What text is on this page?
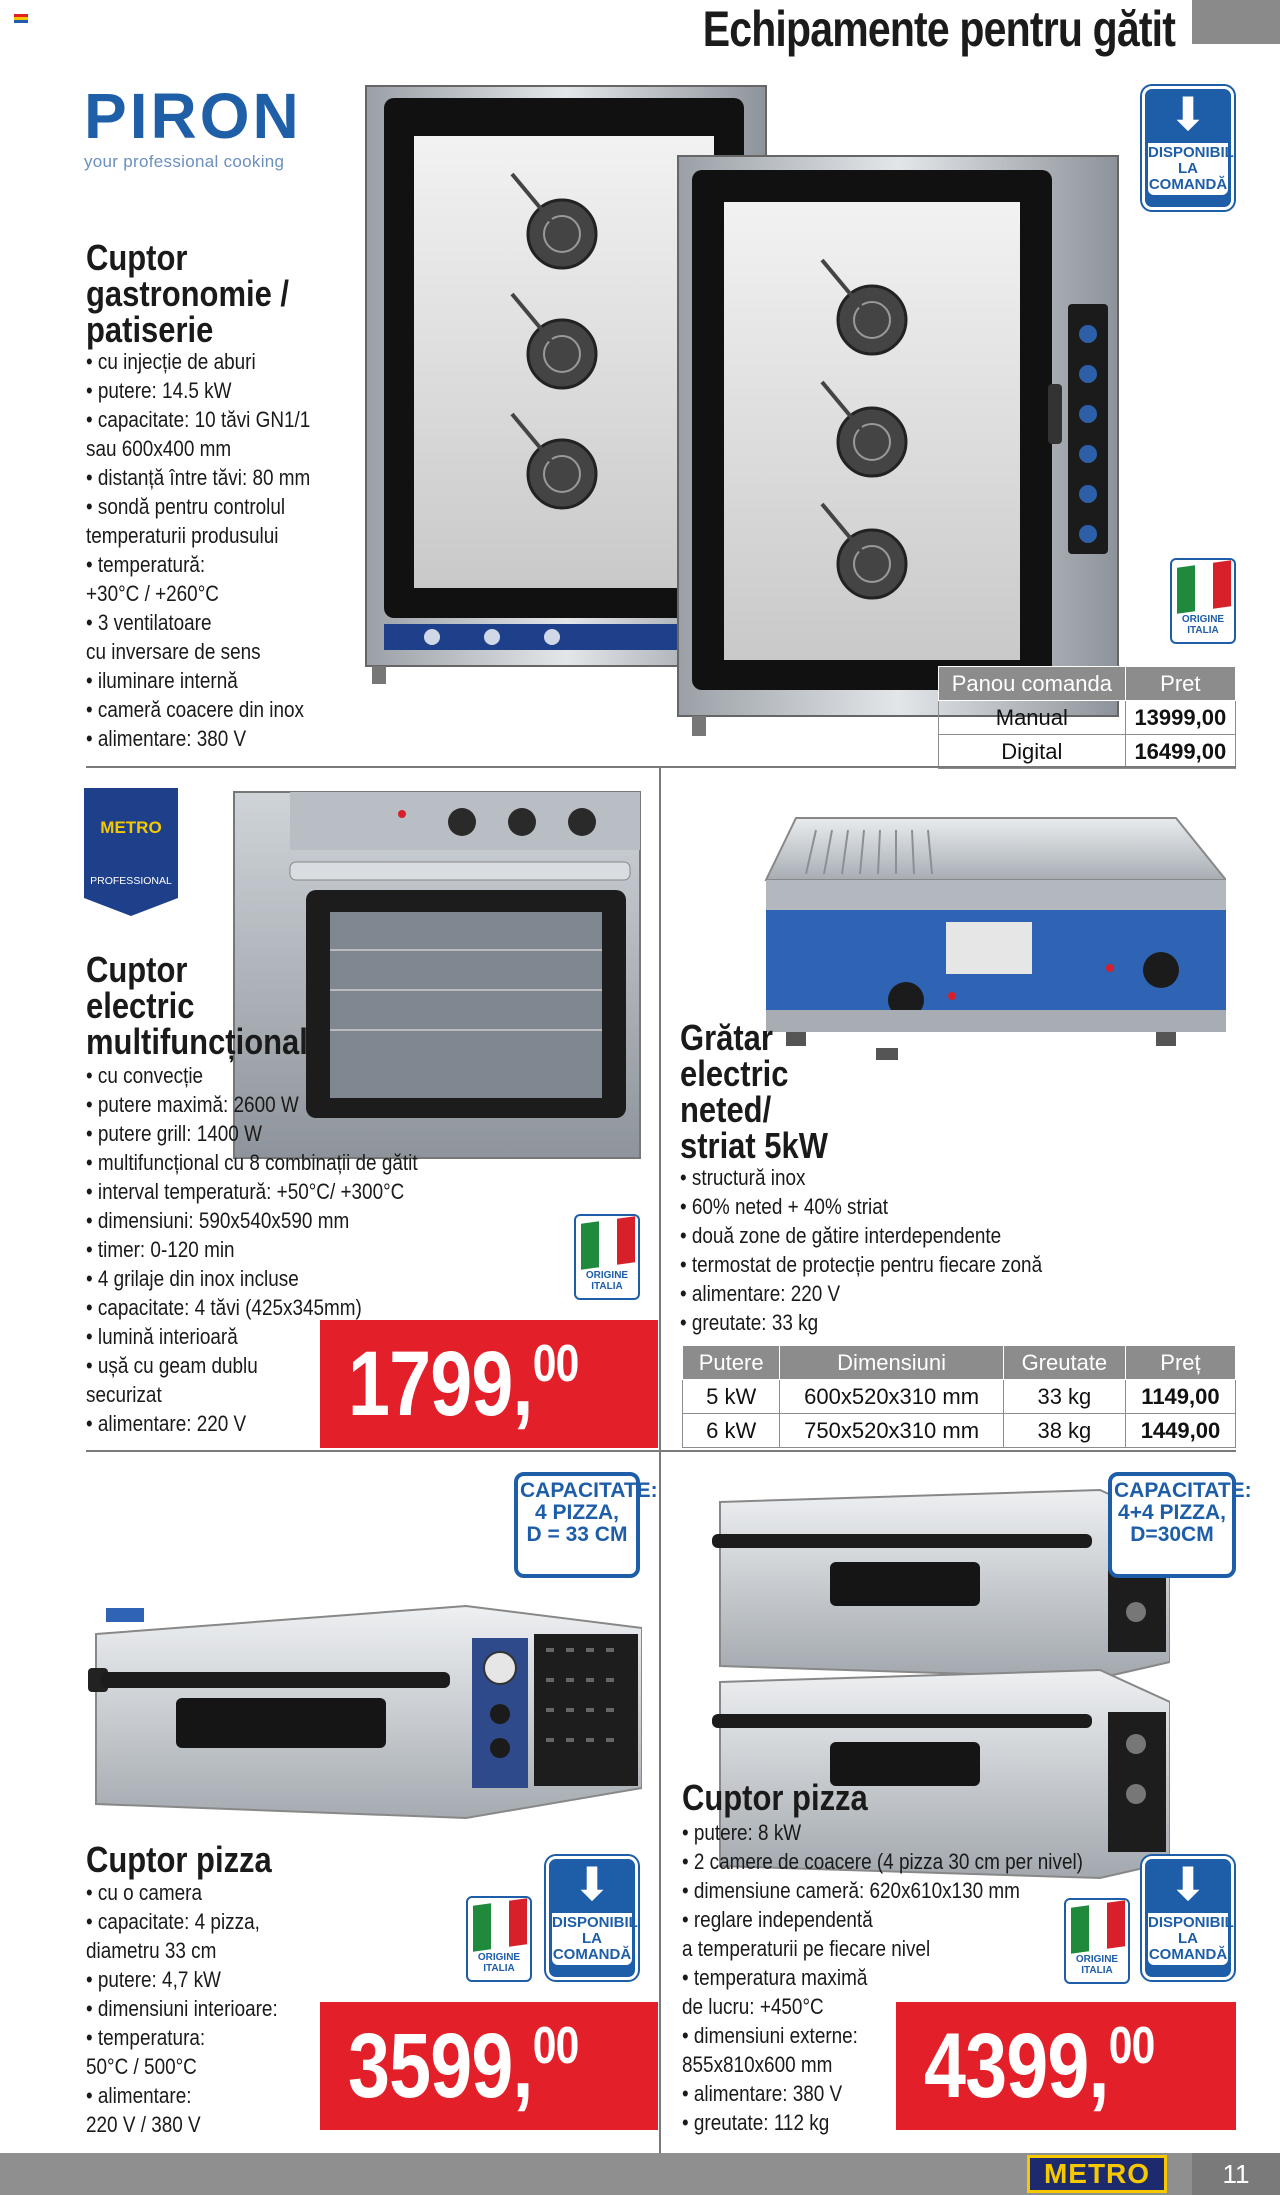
Echipamente pentru gătit
PIRON
your professional cooking
⬇
DISPONIBIL
LA COMANDĂ
ORIGINE
ITALIA
Cuptor
gastronomie /
patiserie
• cu injecție de aburi
• putere: 14.5 kW
• capacitate: 10 tăvi GN1/1
sau 600x400 mm
• distanță între tăvi: 80 mm
• sondă pentru controlul
temperaturii produsului
• temperatură:
+30°C / +260°C
• 3 ventilatoare
cu inversare de sens
• iluminare internă
• cameră coacere din inox
• alimentare: 380 V
Panou comanda	Pret
Manual	13999,00
Digital	16499,00
METRO
PROFESSIONAL
Cuptor
electric
multifuncțional
• cu convecție
• putere maximă: 2600 W
• putere grill: 1400 W
• multifuncțional cu 8 combinații de gătit
• interval temperatură: +50°C/ +300°C
• dimensiuni: 590x540x590 mm
• timer: 0-120 min
• 4 grilaje din inox incluse
• capacitate: 4 tăvi (425x345mm)
• lumină interioară
• ușă cu geam dublu
securizat
• alimentare: 220 V
ORIGINE
ITALIA
1799,00
Grătar
electric
neted/
striat 5kW
• structură inox
• 60% neted + 40% striat
• două zone de gătire interdependente
• termostat de protecție pentru fiecare zonă
• alimentare: 220 V
• greutate: 33 kg
Putere	Dimensiuni	Greutate	Preț
5 kW	600x520x310 mm	33 kg	1149,00
6 kW	750x520x310 mm	38 kg	1449,00
CAPACITATE:
4 PIZZA,
D = 33 CM
Cuptor pizza
• cu o camera
• capacitate: 4 pizza,
diametru 33 cm
• putere: 4,7 kW
• dimensiuni interioare:
• temperatura:
50°C / 500°C
• alimentare:
220 V / 380 V
ORIGINE
ITALIA
⬇
DISPONIBIL
LA COMANDĂ
3599,00
CAPACITATE:
4+4 PIZZA,
D=30CM
Cuptor pizza
• putere: 8 kW
• 2 camere de coacere (4 pizza 30 cm per nivel)
• dimensiune cameră: 620x610x130 mm
• reglare independentă
a temperaturii pe fiecare nivel
• temperatura maximă
de lucru: +450°C
• dimensiuni externe:
855x810x600 mm
• alimentare: 380 V
• greutate: 112 kg
ORIGINE
ITALIA
⬇
DISPONIBIL
LA COMANDĂ
4399,00
METRO	11
